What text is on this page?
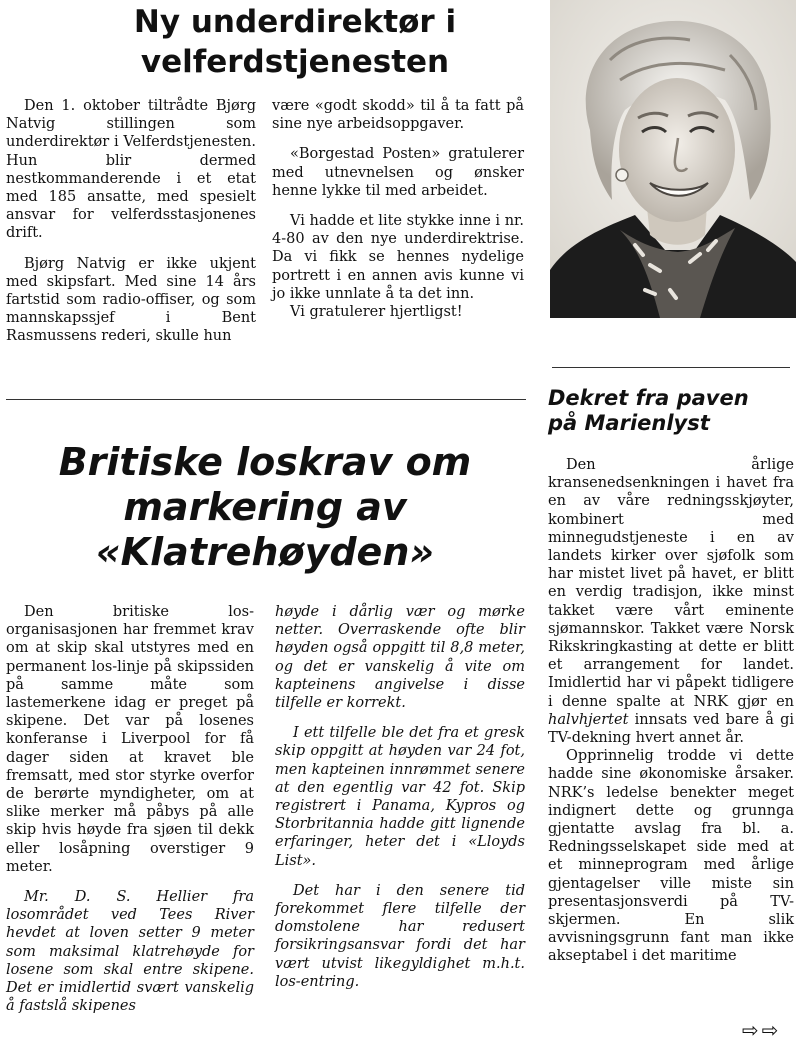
Ny underdirektør i
velferdstjenesten

Den 1. oktober tiltrådte Bjørg Natvig stillingen som underdirektør i Velferdstjenesten. Hun blir dermed nestkommanderende i et etat med 185 ansatte, med spesielt ansvar for velferdsstasjonenes drift.

Bjørg Natvig er ikke ukjent med skipsfart. Med sine 14 års fartstid som radio-offiser, og som mannskapssjef i Bent Rasmussens rederi, skulle hun

være «godt skodd» til å ta fatt på sine nye arbeidsoppgaver.

«Borgestad Posten» gratulerer med utnevnelsen og ønsker henne lykke til med arbeidet.

Vi hadde et lite stykke inne i nr. 4-80 av den nye underdirektrise. Da vi fikk se hennes nydelige portrett i en annen avis kunne vi jo ikke unnlate å ta det inn.

Vi gratulerer hjertligst!

Britiske loskrav om
markering av
«Klatrehøyden»

Den britiske los-organisasjonen har fremmet krav om at skip skal utstyres med en permanent los-linje på skipssiden på samme måte som lastemerkene idag er preget på skipene. Det var på losenes konferanse i Liverpool for få dager siden at kravet ble fremsatt, med stor styrke overfor de berørte myndigheter, om at slike merker må påbys på alle skip hvis høyde fra sjøen til dekk eller losåpning overstiger 9 meter.

Mr. D. S. Hellier fra losområdet ved Tees River hevdet at loven setter 9 meter som maksimal klatrehøyde for losene som skal entre skipene. Det er imidlertid svært vanskelig å fastslå skipenes

høyde i dårlig vær og mørke netter. Overraskende ofte blir høyden også oppgitt til 8,8 meter, og det er vanskelig å vite om kapteinens angivelse i disse tilfelle er korrekt.

I ett tilfelle ble det fra et gresk skip oppgitt at høyden var 24 fot, men kapteinen innrømmet senere at den egentlig var 42 fot. Skip registrert i Panama, Kypros og Storbritannia hadde gitt lignende erfaringer, heter det i «Lloyds List».

Det har i den senere tid forekommet flere tilfelle der domstolene har redusert forsikringsansvar fordi det har vært utvist likegyldighet m.h.t. los-entring.

Dekret fra paven
på Marienlyst

Den årlige kransenedsenkningen i havet fra en av våre redningsskjøyter, kombinert med minnegudstjeneste i en av landets kirker over sjøfolk som har mistet livet på havet, er blitt en verdig tradisjon, ikke minst takket være vårt eminente sjømannskor. Takket være Norsk Rikskringkasting at dette er blitt et arrangement for landet. Imidlertid har vi påpekt tidligere i denne spalte at NRK gjør en halvhjertet innsats ved bare å gi TV-dekning hvert annet år.

Opprinnelig trodde vi dette hadde sine økonomiske årsaker. NRK’s ledelse benekter meget indignert dette og grunnga gjentatte avslag fra bl. a. Redningsselskapet side med at et minneprogram med årlige gjentagelser ville miste sin presentasjonsverdi på TV-skjermen. En slik avvisningsgrunn fant man ikke akseptabel i det maritime

⇨⇨
